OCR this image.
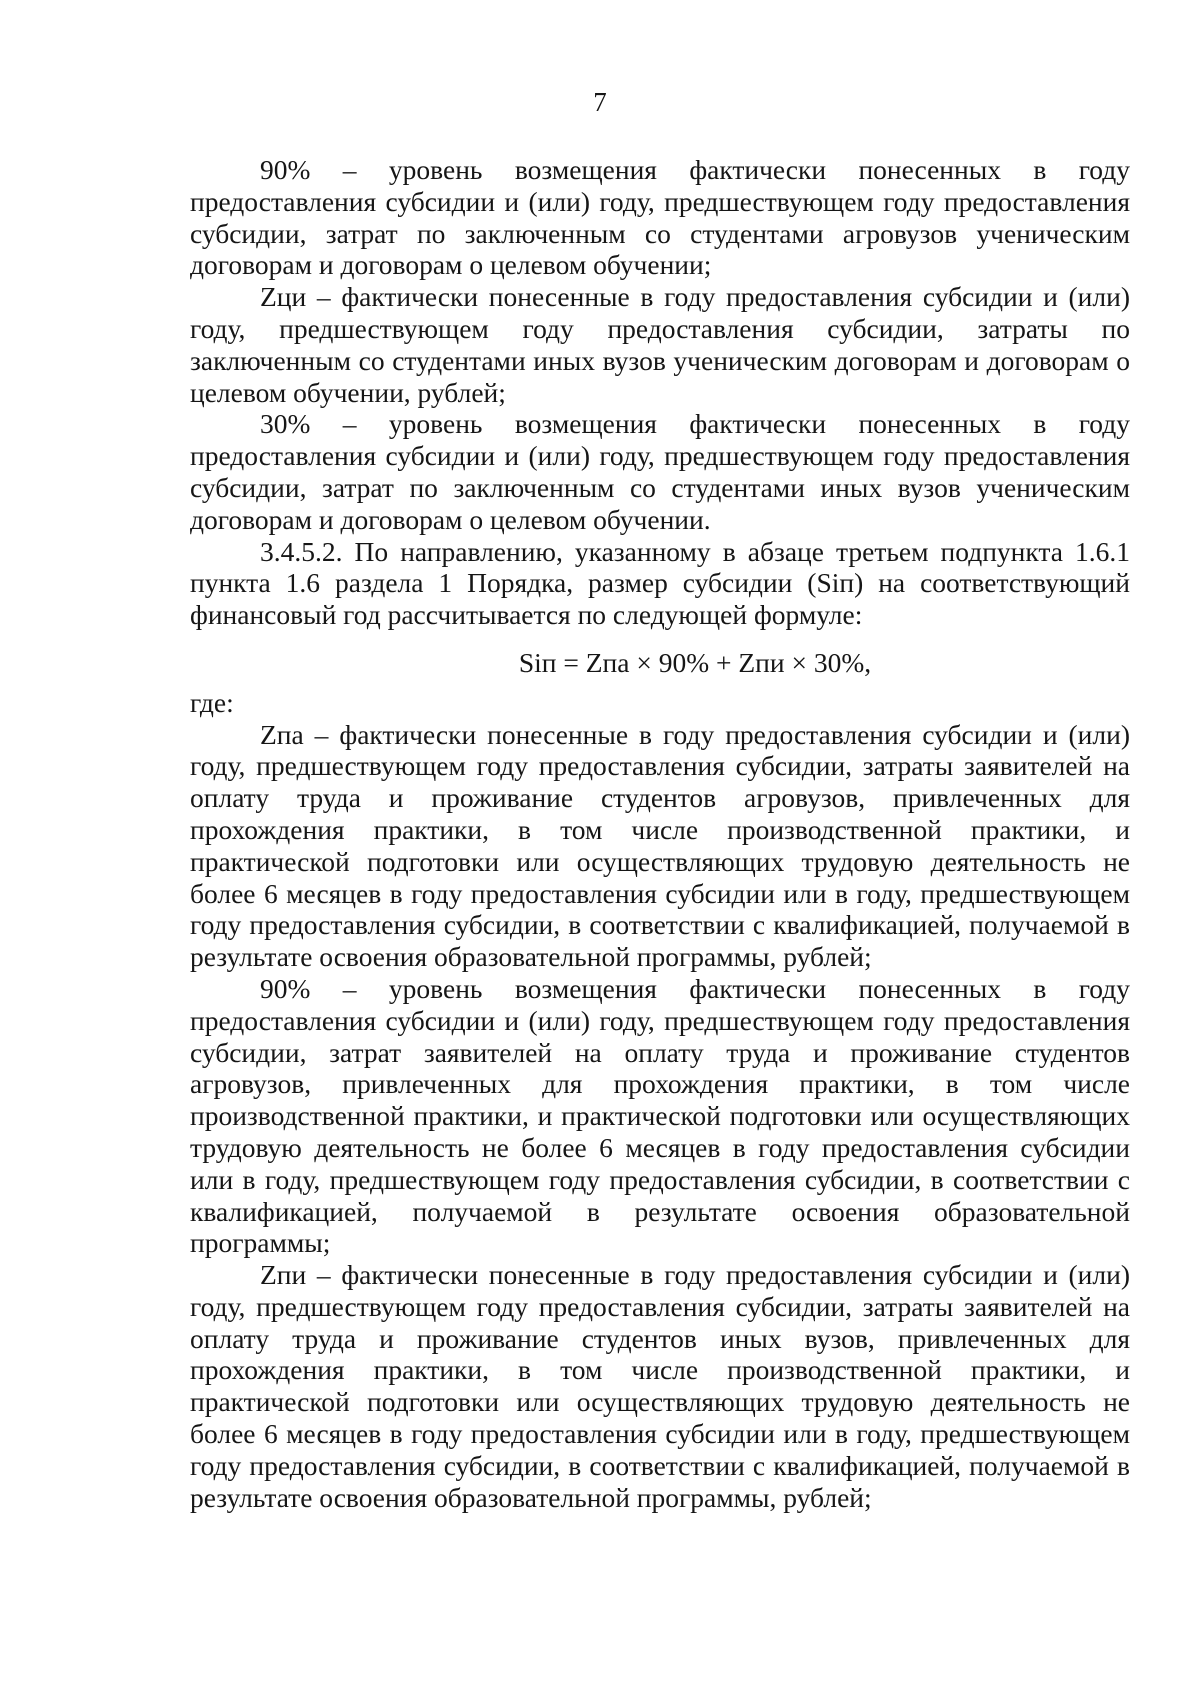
7

90% – уровень возмещения фактически понесенных в году предоставления субсидии и (или) году, предшествующем году предоставления субсидии, затрат по заключенным со студентами агровузов ученическим договорам и договорам о целевом обучении;

Zци – фактически понесенные в году предоставления субсидии и (или) году, предшествующем году предоставления субсидии, затраты по заключенным со студентами иных вузов ученическим договорам и договорам о целевом обучении, рублей;

30% – уровень возмещения фактически понесенных в году предоставления субсидии и (или) году, предшествующем году предоставления субсидии, затрат по заключенным со студентами иных вузов ученическим договорам и договорам о целевом обучении.

3.4.5.2. По направлению, указанному в абзаце третьем подпункта 1.6.1 пункта 1.6 раздела 1 Порядка, размер субсидии (Siп) на соответствующий финансовый год рассчитывается по следующей формуле:

Siп = Zпа × 90% + Zпи × 30%,

где:

Zпа – фактически понесенные в году предоставления субсидии и (или) году, предшествующем году предоставления субсидии, затраты заявителей на оплату труда и проживание студентов агровузов, привлеченных для прохождения практики, в том числе производственной практики, и практической подготовки или осуществляющих трудовую деятельность не более 6 месяцев в году предоставления субсидии или в году, предшествующем году предоставления субсидии, в соответствии с квалификацией, получаемой в результате освоения образовательной программы, рублей;

90% – уровень возмещения фактически понесенных в году предоставления субсидии и (или) году, предшествующем году предоставления субсидии, затрат заявителей на оплату труда и проживание студентов агровузов, привлеченных для прохождения практики, в том числе производственной практики, и практической подготовки или осуществляющих трудовую деятельность не более 6 месяцев в году предоставления субсидии или в году, предшествующем году предоставления субсидии, в соответствии с квалификацией, получаемой в результате освоения образовательной программы;

Zпи – фактически понесенные в году предоставления субсидии и (или) году, предшествующем году предоставления субсидии, затраты заявителей на оплату труда и проживание студентов иных вузов, привлеченных для прохождения практики, в том числе производственной практики, и практической подготовки или осуществляющих трудовую деятельность не более 6 месяцев в году предоставления субсидии или в году, предшествующем году предоставления субсидии, в соответствии с квалификацией, получаемой в результате освоения образовательной программы, рублей;
